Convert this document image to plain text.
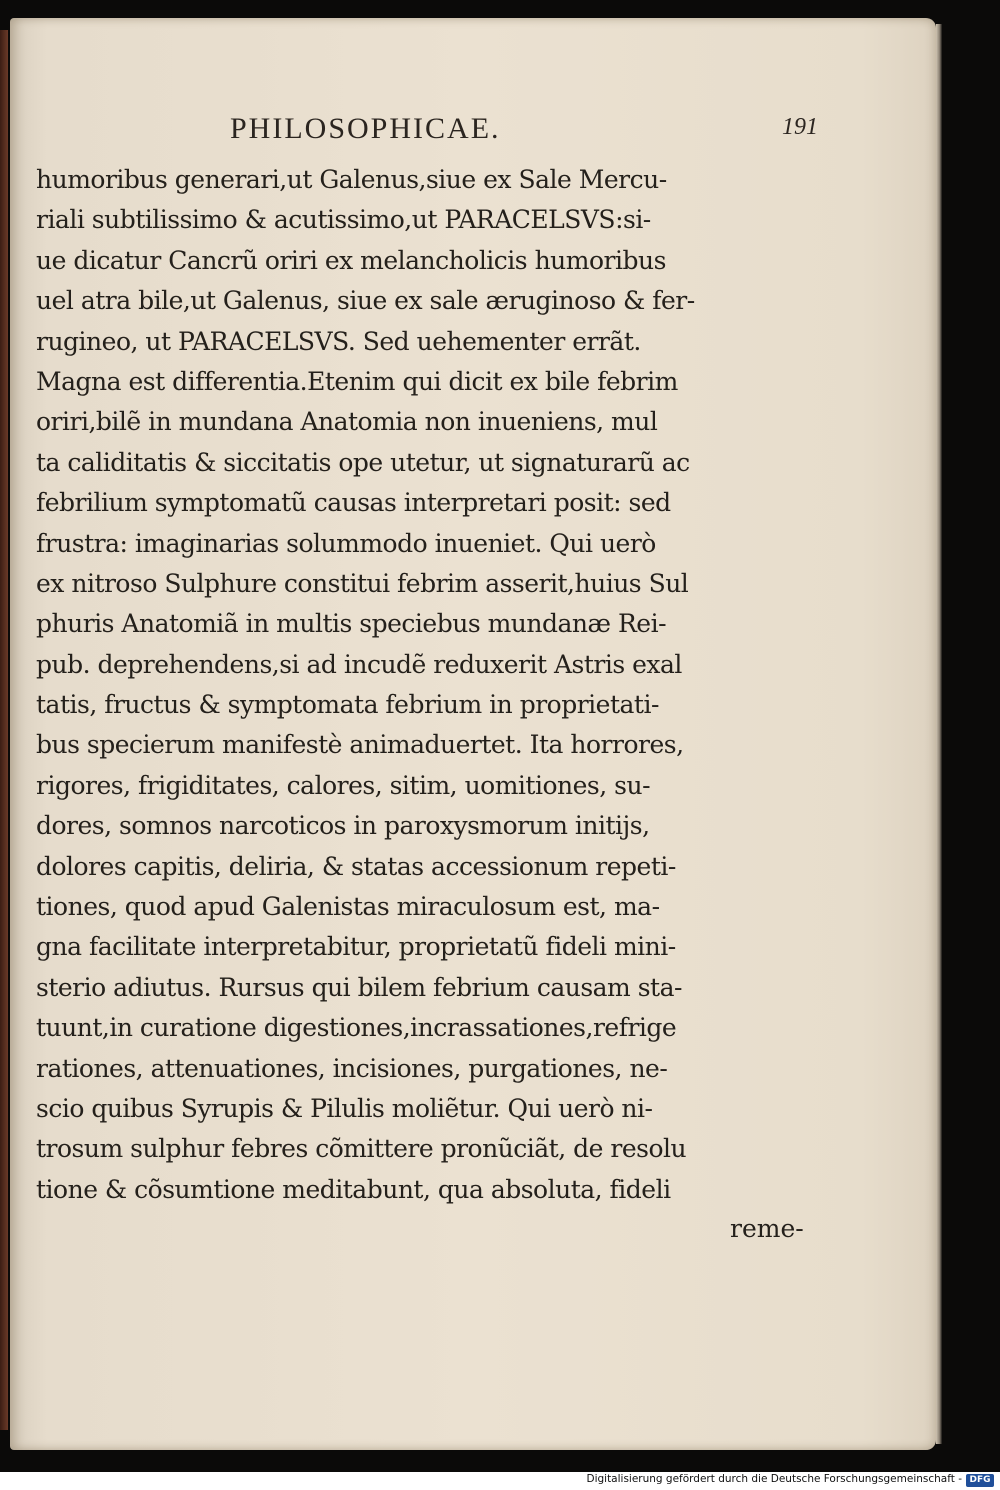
PHILOSOPHICAE.	191
humoribus generari,ut Galenus,siue ex Sale Mercu-
riali subtilissimo & acutissimo,ut PARACELSVS:si-
ue dicatur Cancrũ oriri ex melancholicis humoribus
uel atra bile,ut Galenus, siue ex sale æruginoso & fer-
rugineo, ut PARACELSVS. Sed uehementer errãt.
Magna est differentia.Etenim qui dicit ex bile febrim
oriri,bilẽ in mundana Anatomia non inueniens, mul
ta caliditatis & siccitatis ope utetur, ut signaturarũ ac
febrilium symptomatũ causas interpretari posit: sed
frustra: imaginarias solummodo inueniet. Qui uerò
ex nitroso Sulphure constitui febrim asserit,huius Sul
phuris Anatomiã in multis speciebus mundanæ Rei-
pub. deprehendens,si ad incudẽ reduxerit Astris exal
tatis, fructus & symptomata febrium in proprietati-
bus specierum manifestè animaduertet. Ita horrores,
rigores, frigiditates, calores, sitim, uomitiones, su-
dores, somnos narcoticos in paroxysmorum initijs,
dolores capitis, deliria, & statas accessionum repeti-
tiones, quod apud Galenistas miraculosum est, ma-
gna facilitate interpretabitur, proprietatũ fideli mini-
sterio adiutus. Rursus qui bilem febrium causam sta-
tuunt,in curatione digestiones,incrassationes,refrige
rationes, attenuationes, incisiones, purgationes, ne-
scio quibus Syrupis & Pilulis moliẽtur. Qui uerò ni-
trosum sulphur febres cõmittere pronũciãt, de resolu
tione & cõsumtione meditabunt, qua absoluta, fideli
reme-
Digitalisierung gefördert durch die Deutsche Forschungsgemeinschaft - DFG
